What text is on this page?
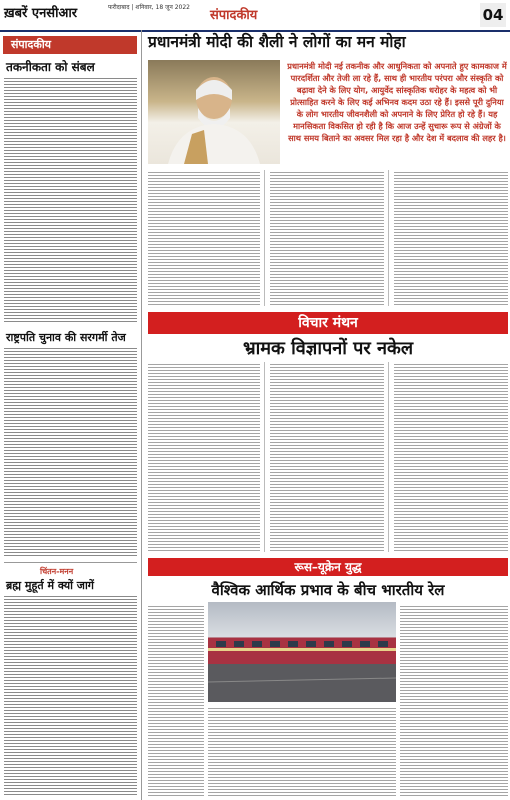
ख़बरें एनसीआर	फरीदाबाद | शनिवार, 18 जून 2022
संपादकीय	04
संपादकीय
तकनीकता को संबल
राष्ट्रपति चुनाव की सरगर्मी तेज
चिंतन-मनन
ब्रह्म मुहूर्त में क्यों जागें
प्रधानमंत्री मोदी की शैली ने लोगों का मन मोहा
प्रधानमंत्री मोदी नई तकनीक और आधुनिकता को अपनाते हुए कामकाज में पारदर्शिता और तेजी ला रहे हैं, साथ ही भारतीय परंपरा और संस्कृति को बढ़ावा देने के लिए योग, आयुर्वेद सांस्कृतिक धरोहर के महत्व को भी प्रोत्साहित करने के लिए कई अभिनव कदम उठा रहे हैं। इससे पूरी दुनिया के लोग भारतीय जीवनशैली को अपनाने के लिए प्रेरित हो रहे हैं। यह मानसिकता विकसित हो रही है कि आज उन्हें सुचारू रूप से अंग्रेजों के साथ समय बिताने का अवसर मिल रहा है और देश में बदलाव की लहर है।
विचार मंथन
भ्रामक विज्ञापनों पर नकेल
रूस–यूक्रेन युद्ध
वैश्विक आर्थिक प्रभाव के बीच भारतीय रेल
